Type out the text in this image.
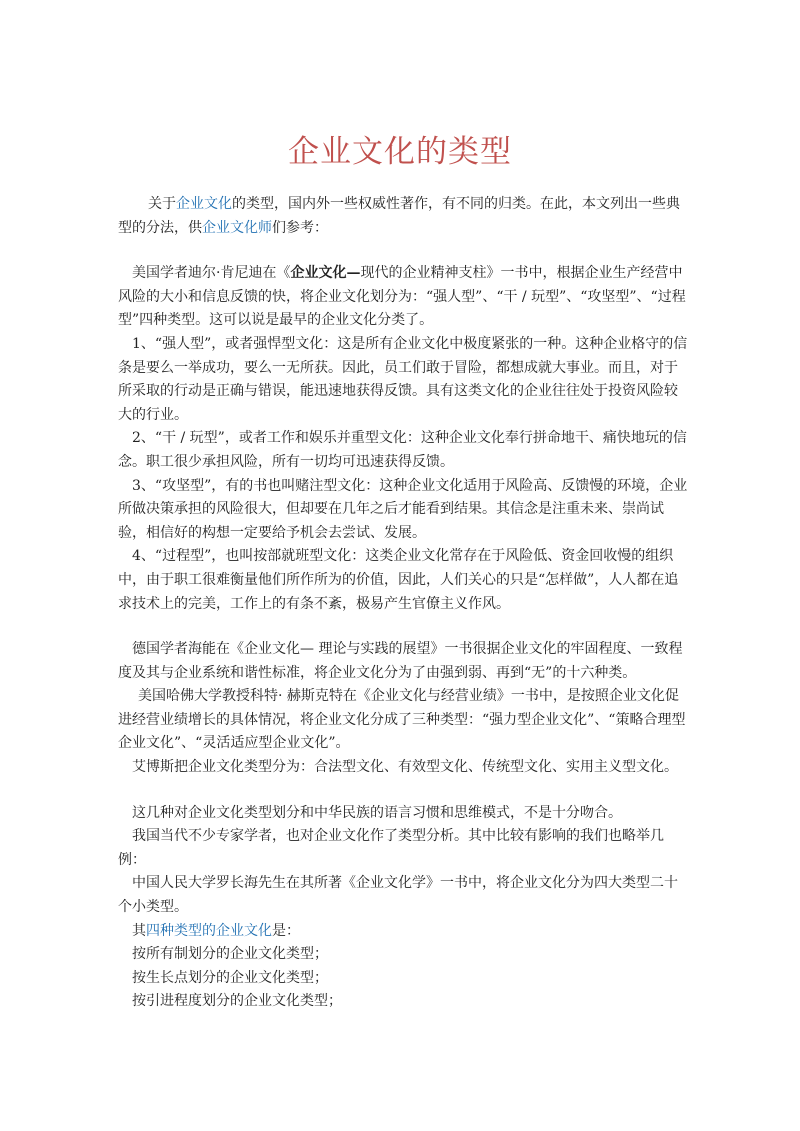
企业文化的类型

关于企业文化的类型，国内外一些权威性著作，有不同的归类。在此，本文列出一些典型的分法，供企业文化师们参考：

美国学者迪尔·肯尼迪在《企业文化—现代的企业精神支柱》一书中，根据企业生产经营中风险的大小和信息反馈的快，将企业文化划分为：“强人型”、“干 / 玩型”、“攻坚型”、“过程型”四种类型。这可以说是最早的企业文化分类了。

1、“强人型”，或者强悍型文化：这是所有企业文化中极度紧张的一种。这种企业格守的信条是要么一举成功，要么一无所获。因此，员工们敢于冒险，都想成就大事业。而且，对于所采取的行动是正确与错误，能迅速地获得反馈。具有这类文化的企业往往处于投资风险较大的行业。

2、“干 / 玩型”，或者工作和娱乐并重型文化：这种企业文化奉行拼命地干、痛快地玩的信念。职工很少承担风险，所有一切均可迅速获得反馈。

3、“攻坚型”，有的书也叫赌注型文化：这种企业文化适用于风险高、反馈慢的环境，企业所做决策承担的风险很大，但却要在几年之后才能看到结果。其信念是注重未来、崇尚试验，相信好的构想一定要给予机会去尝试、发展。

4、“过程型”，也叫按部就班型文化：这类企业文化常存在于风险低、资金回收慢的组织中，由于职工很难衡量他们所作所为的价值，因此，人们关心的只是“怎样做”，人人都在追求技术上的完美，工作上的有条不紊，极易产生官僚主义作风。

德国学者海能在《企业文化— 理论与实践的展望》一书很据企业文化的牢固程度、一致程度及其与企业系统和谐性标准，将企业文化分为了由强到弱、再到“无”的十六种类。

美国哈佛大学教授科特· 赫斯克特在《企业文化与经营业绩》一书中，是按照企业文化促进经营业绩增长的具体情况，将企业文化分成了三种类型：“强力型企业文化”、“策略合理型企业文化”、“灵活适应型企业文化”。

艾博斯把企业文化类型分为：合法型文化、有效型文化、传统型文化、实用主义型文化。

这几种对企业文化类型划分和中华民族的语言习惯和思维模式，不是十分吻合。

我国当代不少专家学者，也对企业文化作了类型分析。其中比较有影响的我们也略举几例：

中国人民大学罗长海先生在其所著《企业文化学》一书中，将企业文化分为四大类型二十个小类型。

其四种类型的企业文化是：

按所有制划分的企业文化类型；

按生长点划分的企业文化类型；

按引进程度划分的企业文化类型；
